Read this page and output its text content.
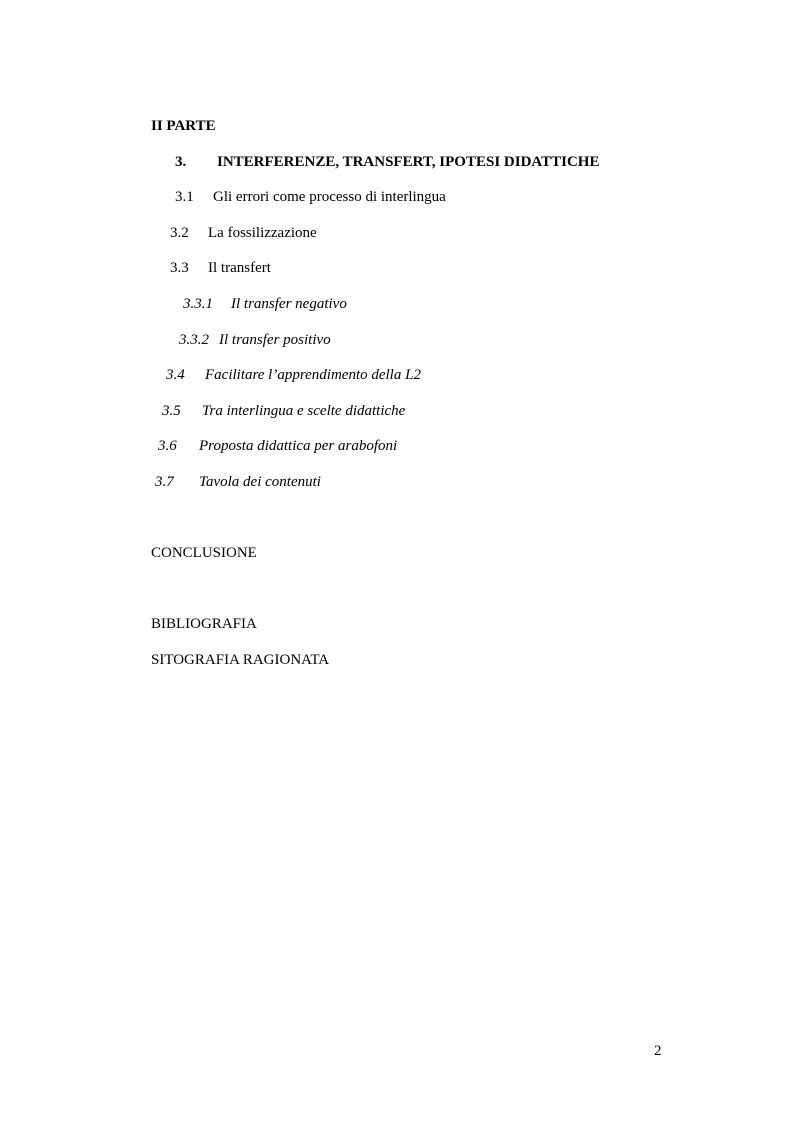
II PARTE
3. INTERFERENZE, TRANSFERT, IPOTESI DIDATTICHE
3.1 Gli errori come processo di interlingua
3.2 La fossilizzazione
3.3 Il transfert
3.3.1 Il transfer negativo
3.3.2 Il transfer positivo
3.4 Facilitare l’apprendimento della L2
3.5 Tra interlingua e scelte didattiche
3.6 Proposta didattica per arabofoni
3.7 Tavola dei contenuti
CONCLUSIONE
BIBLIOGRAFIA
SITOGRAFIA RAGIONATA
2
